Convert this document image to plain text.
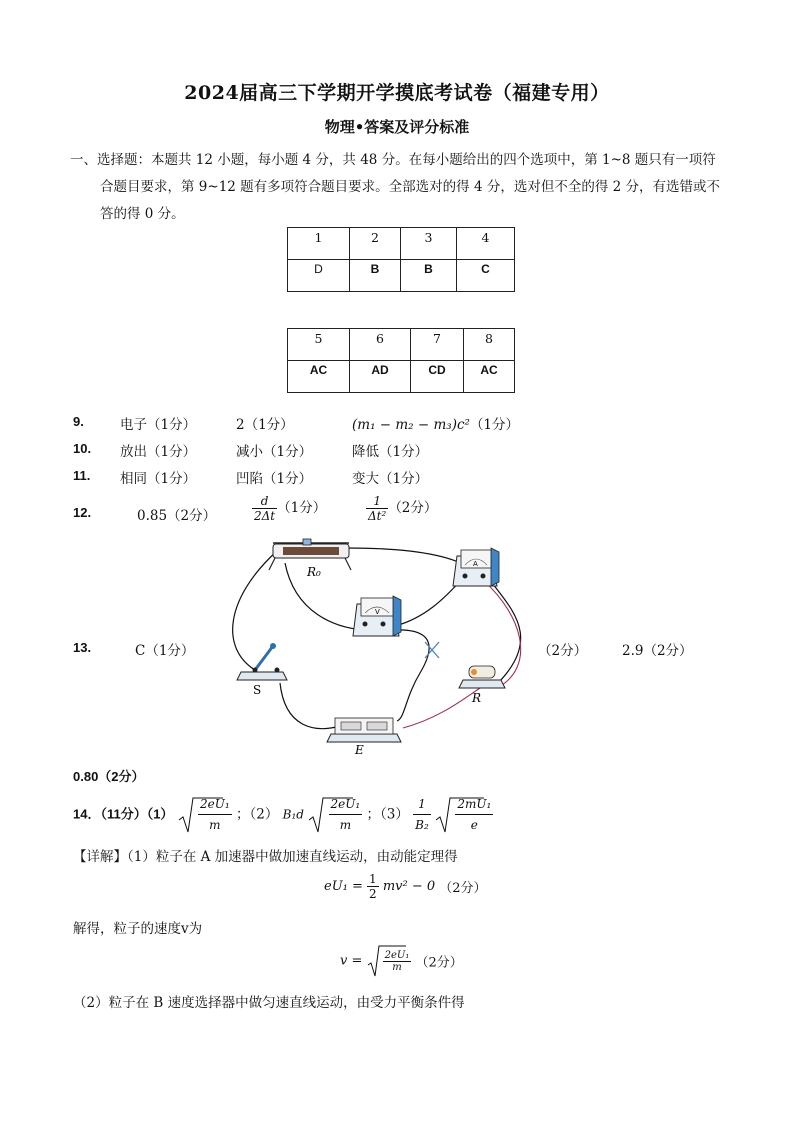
2024届高三下学期开学摸底考试卷（福建专用）
物理•答案及评分标准
一、选择题：本题共 12 小题，每小题 4 分，共 48 分。在每小题给出的四个选项中，第 1~8 题只有一项符
合题目要求，第 9~12 题有多项符合题目要求。全部选对的得 4 分，选对但不全的得 2 分，有选错或不
答的得 0 分。
1	2	3	4
D	B	B	C
5	6	7	8
AC	AD	CD	AC
9.	电子（1分）	2（1分）	(m₁ − m₂ − m₃)c²（1分）
10. 放出（1分）	减小（1分）	降低（1分）
11. 相同（1分）	凹陷（1分）	变大（1分）
12.	0.85（2分）	$\frac{d}{2\Delta t} (1$分）	$\frac{1}{\text{Δt²}} (2$分）
13.	C（1分）	（2分）	2.9（2分）
0.80（2分）
R₀
V
A
S
R
E
14．（11分）$(1) \frac{\text{2eU₁}}{m}$ ；（2） $B_1d \frac{\text{2eU₁}}{m}$ ；$(3) \frac{1}{\text{B₂}}$
$\frac{\text{2mU₁}}{e}$
【详解】（1）粒子在 A 加速器中做加速直线运动，由动能定理得
$eU_1 = \frac{1}{2} mv^2 - 0$ （2分）
解得，粒子的速度v为
$v = \frac{\text{2eU₁}}{m} (2$分）
（2）粒子在 B 速度选择器中做匀速直线运动，由受力平衡条件得
